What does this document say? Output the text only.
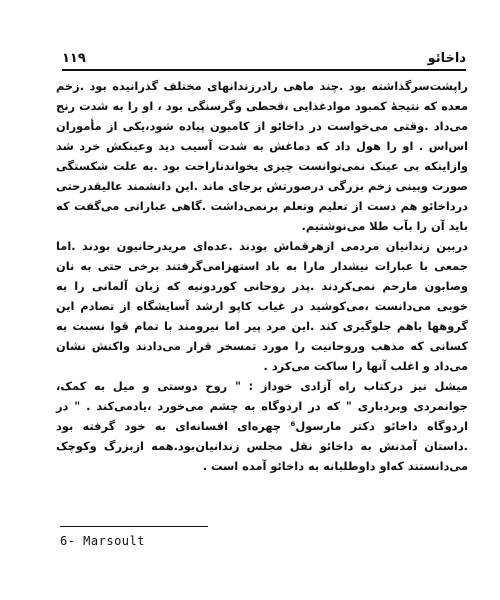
۱۱۹	داخائو

راپشت‌سرگذاشته بود .چند ماهی رادرزندانهای مختلف گذرانیده بود .زخم معده که نتیجهٔ کمبود موادغذایی ،قحطی وگرسنگی بود ، او را به شدت رنج می‌داد .وقتی می‌خواست در داخائو از کامیون پیاده شود،یکی از مأموران اس‌اس . او را هول داد که دماغش به شدت آسیب دید وعینکش خرد شد وازاینکه بی عینک نمی‌توانست چیزی بخواندناراحت بود .به علت شکستگی صورت وبینی زخم بزرگی درصورتش برجای ماند .این دانشمند عالیقدرحتی درداخائو هم دست از تعلیم وتعلم برنمی‌داشت .گاهی عباراتی می‌گفت که باید آن را بآب طلا می‌نوشتیم.

دربین زندانیان مردمی ازهرقماش بودند .عده‌ای مریدرحانیون بودند .اما جمعی با عبارات نیشدار مارا به باد استهزامی‌گرفتند برخی حتی به نان وصابون مارحم نمی‌کردند .پدر روحانی کوردونیه که زبان آلمانی را به خوبی می‌دانست ،می‌کوشید در غیاب کاپو ارشد آسایشگاه از تصادم این گروهها باهم جلوگیری کند .این مرد پیر اما نیرومند با تمام قوا نسبت به کسانی که مذهب وروحانیت را مورد تمسخر قرار می‌دادند واکنش نشان می‌داد و اغلب آنها را ساکت می‌کرد .

میشل نیز درکتاب راه آزادی خوداز : " روح دوستی و میل به کمک، جوانمردی وبردباری " که در اردوگاه به چشم می‌خورد ،یادمی‌کند . " در اردوگاه داخائو دکتر مارسول⁶ چهره‌ای افسانه‌ای به خود گرفته بود .داستان آمدنش به داخائو نقل مجلس زندانیان‌بود.همه ازبزرگ وکوچک می‌دانستند که‌او داوطلبانه به داخائو آمده است .

6- Marsoult
